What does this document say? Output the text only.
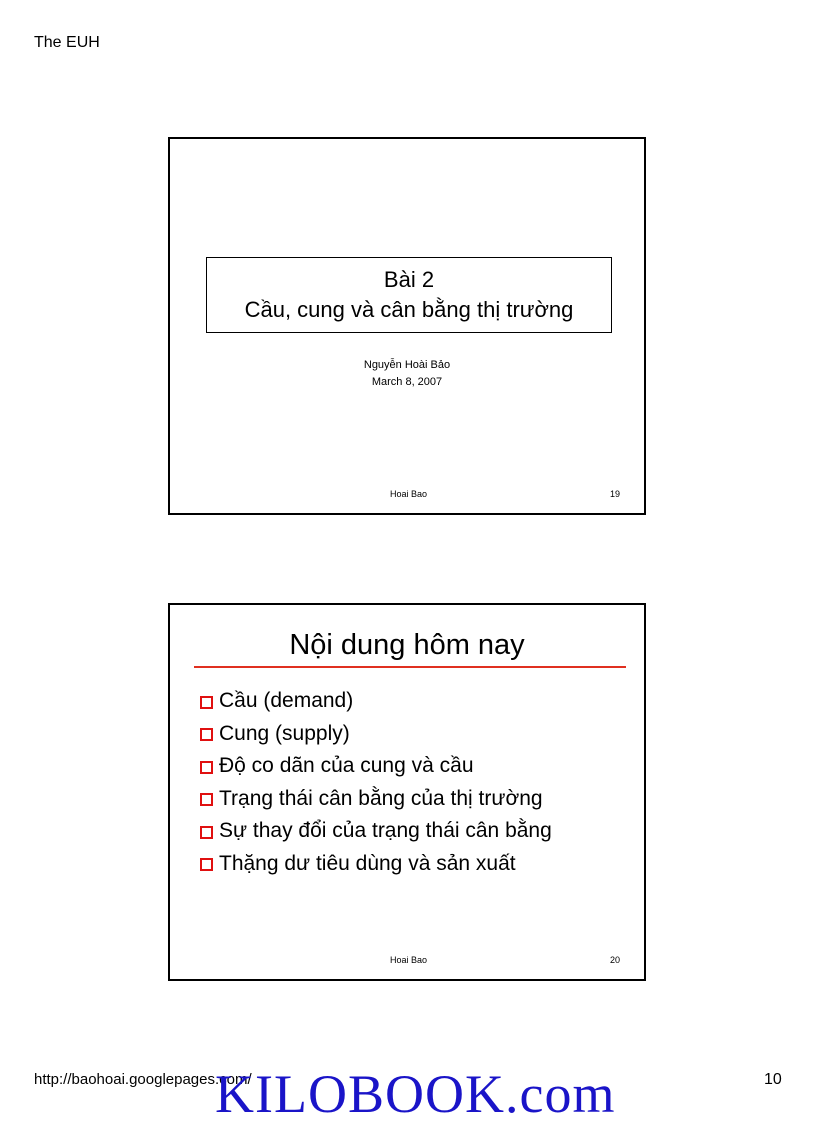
The EUH
Bài 2
Cầu, cung và cân bằng thị trường
Nguyễn Hoài Bảo
March 8, 2007
Hoai Bao	19
Nội dung hôm nay
Cầu (demand)
Cung (supply)
Độ co dãn của cung và cầu
Trạng thái cân bằng của thị trường
Sự thay đổi của trạng thái cân bằng
Thặng dư tiêu dùng và sản xuất
Hoai Bao	20
http://baohoai.googlepages.com/	10
KILOBOOK.com
